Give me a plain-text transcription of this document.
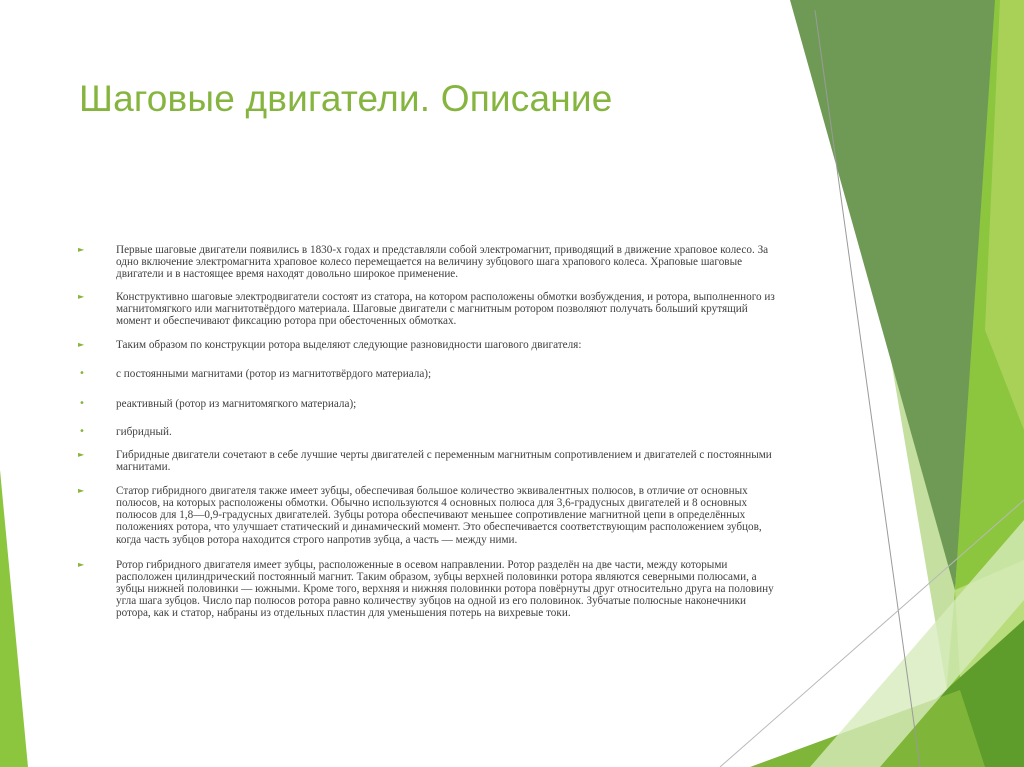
Шаговые двигатели. Описание
►	Первые шаговые двигатели появились в 1830-х годах и представляли собой электромагнит, приводящий в движение храповое колесо. За одно включение электромагнита храповое колесо перемещается на величину зубцового шага храпового колеса. Храповые шаговые двигатели и в настоящее время находят довольно широкое применение.
►	Конструктивно шаговые электродвигатели состоят из статора, на котором расположены обмотки возбуждения, и ротора, выполненного из магнитомягкого или магнитотвёрдого материала. Шаговые двигатели с магнитным ротором позволяют получать больший крутящий момент и обеспечивают фиксацию ротора при обесточенных обмотках.
►	Таким образом по конструкции ротора выделяют следующие разновидности шагового двигателя:
•	с постоянными магнитами (ротор из магнитотвёрдого материала);
•	реактивный (ротор из магнитомягкого материала);
•	гибридный.
►	Гибридные двигатели сочетают в себе лучшие черты двигателей с переменным магнитным сопротивлением и двигателей с постоянными магнитами.
►	Статор гибридного двигателя также имеет зубцы, обеспечивая большое количество эквивалентных полюсов, в отличие от основных полюсов, на которых расположены обмотки. Обычно используются 4 основных полюса для 3,6-градусных двигателей и 8 основных полюсов для 1,8—0,9-градусных двигателей. Зубцы ротора обеспечивают меньшее сопротивление магнитной цепи в определённых положениях ротора, что улучшает статический и динамический момент. Это обеспечивается соответствующим расположением зубцов, когда часть зубцов ротора находится строго напротив зубца, а часть — между ними.
►	Ротор гибридного двигателя имеет зубцы, расположенные в осевом направлении. Ротор разделён на две части, между которыми расположен цилиндрический постоянный магнит. Таким образом, зубцы верхней половинки ротора являются северными полюсами, а зубцы нижней половинки — южными. Кроме того, верхняя и нижняя половинки ротора повёрнуты друг относительно друга на половину угла шага зубцов. Число пар полюсов ротора равно количеству зубцов на одной из его половинок. Зубчатые полюсные наконечники ротора, как и статор, набраны из отдельных пластин для уменьшения потерь на вихревые токи.
